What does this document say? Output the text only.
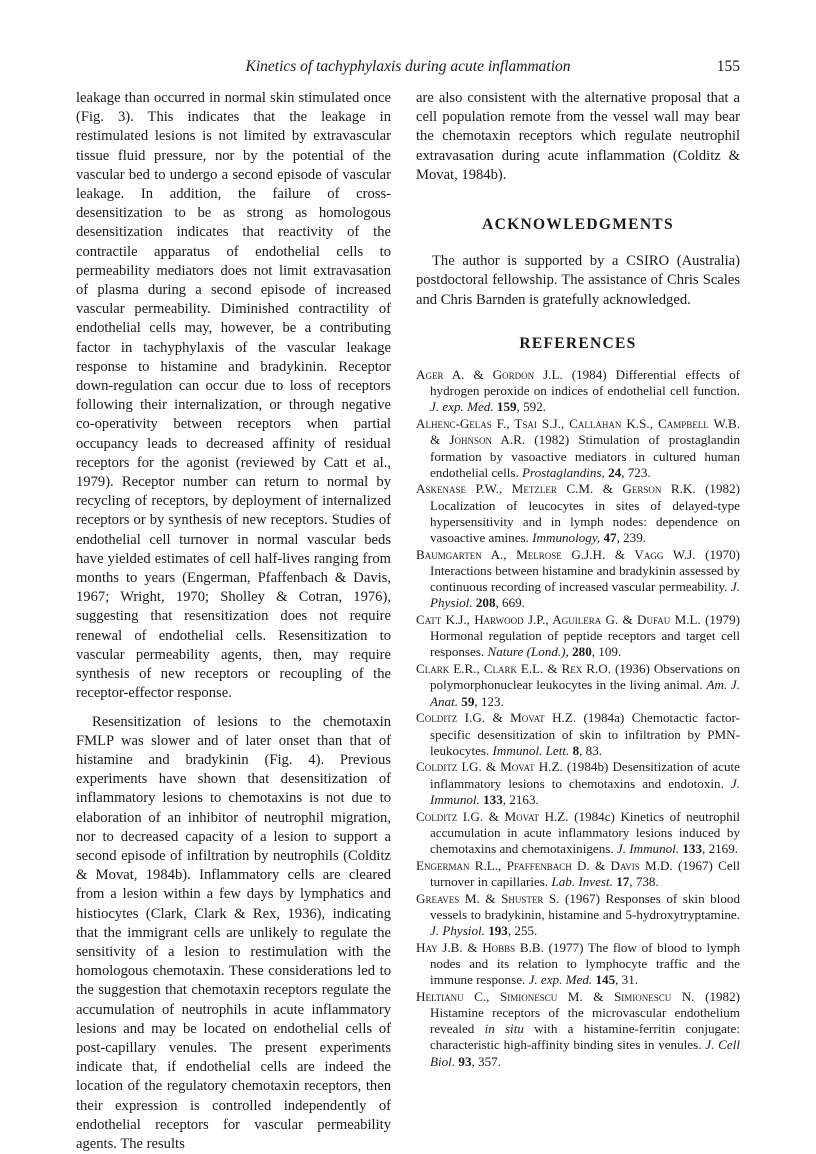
Kinetics of tachyphylaxis during acute inflammation	155

leakage than occurred in normal skin stimulated once (Fig. 3). This indicates that the leakage in restimulated lesions is not limited by extravascular tissue fluid pressure, nor by the potential of the vascular bed to undergo a second episode of vascular leakage. In addition, the failure of cross-desensitization to be as strong as homologous desensitization indicates that reactivity of the contractile apparatus of endothelial cells to permeability mediators does not limit extravasation of plasma during a second episode of increased vascular permeability. Diminished contractility of endothelial cells may, however, be a contributing factor in tachyphylaxis of the vascular leakage response to histamine and bradykinin. Receptor down-regulation can occur due to loss of receptors following their internalization, or through negative co-operativity between receptors when partial occupancy leads to decreased affinity of residual receptors for the agonist (reviewed by Catt et al., 1979). Receptor number can return to normal by recycling of receptors, by deployment of internalized receptors or by synthesis of new receptors. Studies of endothelial cell turnover in normal vascular beds have yielded estimates of cell half-lives ranging from months to years (Engerman, Pfaffenbach & Davis, 1967; Wright, 1970; Sholley & Cotran, 1976), suggesting that resensitization does not require renewal of endothelial cells. Resensitization to vascular permeability agents, then, may require synthesis of new receptors or recoupling of the receptor-effector response.

Resensitization of lesions to the chemotaxin FMLP was slower and of later onset than that of histamine and bradykinin (Fig. 4). Previous experiments have shown that desensitization of inflammatory lesions to chemotaxins is not due to elaboration of an inhibitor of neutrophil migration, nor to decreased capacity of a lesion to support a second episode of infiltration by neutrophils (Colditz & Movat, 1984b). Inflammatory cells are cleared from a lesion within a few days by lymphatics and histiocytes (Clark, Clark & Rex, 1936), indicating that the immigrant cells are unlikely to regulate the sensitivity of a lesion to restimulation with the homologous chemotaxin. These considerations led to the suggestion that chemotaxin receptors regulate the accumulation of neutrophils in acute inflammatory lesions and may be located on endothelial cells of post-capillary venules. The present experiments indicate that, if endothelial cells are indeed the location of the regulatory chemotaxin receptors, then their expression is controlled independently of endothelial receptors for vascular permeability agents. The results

are also consistent with the alternative proposal that a cell population remote from the vessel wall may bear the chemotaxin receptors which regulate neutrophil extravasation during acute inflammation (Colditz & Movat, 1984b).

ACKNOWLEDGMENTS

The author is supported by a CSIRO (Australia) postdoctoral fellowship. The assistance of Chris Scales and Chris Barnden is gratefully acknowledged.

REFERENCES
Ager A. & Gordon J.L. (1984) Differential effects of hydrogen peroxide on indices of endothelial cell function. J. exp. Med. 159, 592.
Alhenc-Gelas F., Tsai S.J., Callahan K.S., Campbell W.B. & Johnson A.R. (1982) Stimulation of prostaglandin formation by vasoactive mediators in cultured human endothelial cells. Prostaglandins, 24, 723.
Askenase P.W., Metzler C.M. & Gerson R.K. (1982) Localization of leucocytes in sites of delayed-type hypersensitivity and in lymph nodes: dependence on vasoactive amines. Immunology, 47, 239.
Baumgarten A., Melrose G.J.H. & Vagg W.J. (1970) Interactions between histamine and bradykinin assessed by continuous recording of increased vascular permeability. J. Physiol. 208, 669.
Catt K.J., Harwood J.P., Aguilera G. & Dufau M.L. (1979) Hormonal regulation of peptide receptors and target cell responses. Nature (Lond.), 280, 109.
Clark E.R., Clark E.L. & Rex R.O. (1936) Observations on polymorphonuclear leukocytes in the living animal. Am. J. Anat. 59, 123.
Colditz I.G. & Movat H.Z. (1984a) Chemotactic factor-specific desensitization of skin to infiltration by PMN-leukocytes. Immunol. Lett. 8, 83.
Colditz I.G. & Movat H.Z. (1984b) Desensitization of acute inflammatory lesions to chemotaxins and endotoxin. J. Immunol. 133, 2163.
Colditz I.G. & Movat H.Z. (1984c) Kinetics of neutrophil accumulation in acute inflammatory lesions induced by chemotaxins and chemotaxinigens. J. Immunol. 133, 2169.
Engerman R.L., Pfaffenbach D. & Davis M.D. (1967) Cell turnover in capillaries. Lab. Invest. 17, 738.
Greaves M. & Shuster S. (1967) Responses of skin blood vessels to bradykinin, histamine and 5-hydroxytryptamine. J. Physiol. 193, 255.
Hay J.B. & Hobbs B.B. (1977) The flow of blood to lymph nodes and its relation to lymphocyte traffic and the immune response. J. exp. Med. 145, 31.
Heltianu C., Simionescu M. & Simionescu N. (1982) Histamine receptors of the microvascular endothelium revealed in situ with a histamine-ferritin conjugate: characteristic high-affinity binding sites in venules. J. Cell Biol. 93, 357.
